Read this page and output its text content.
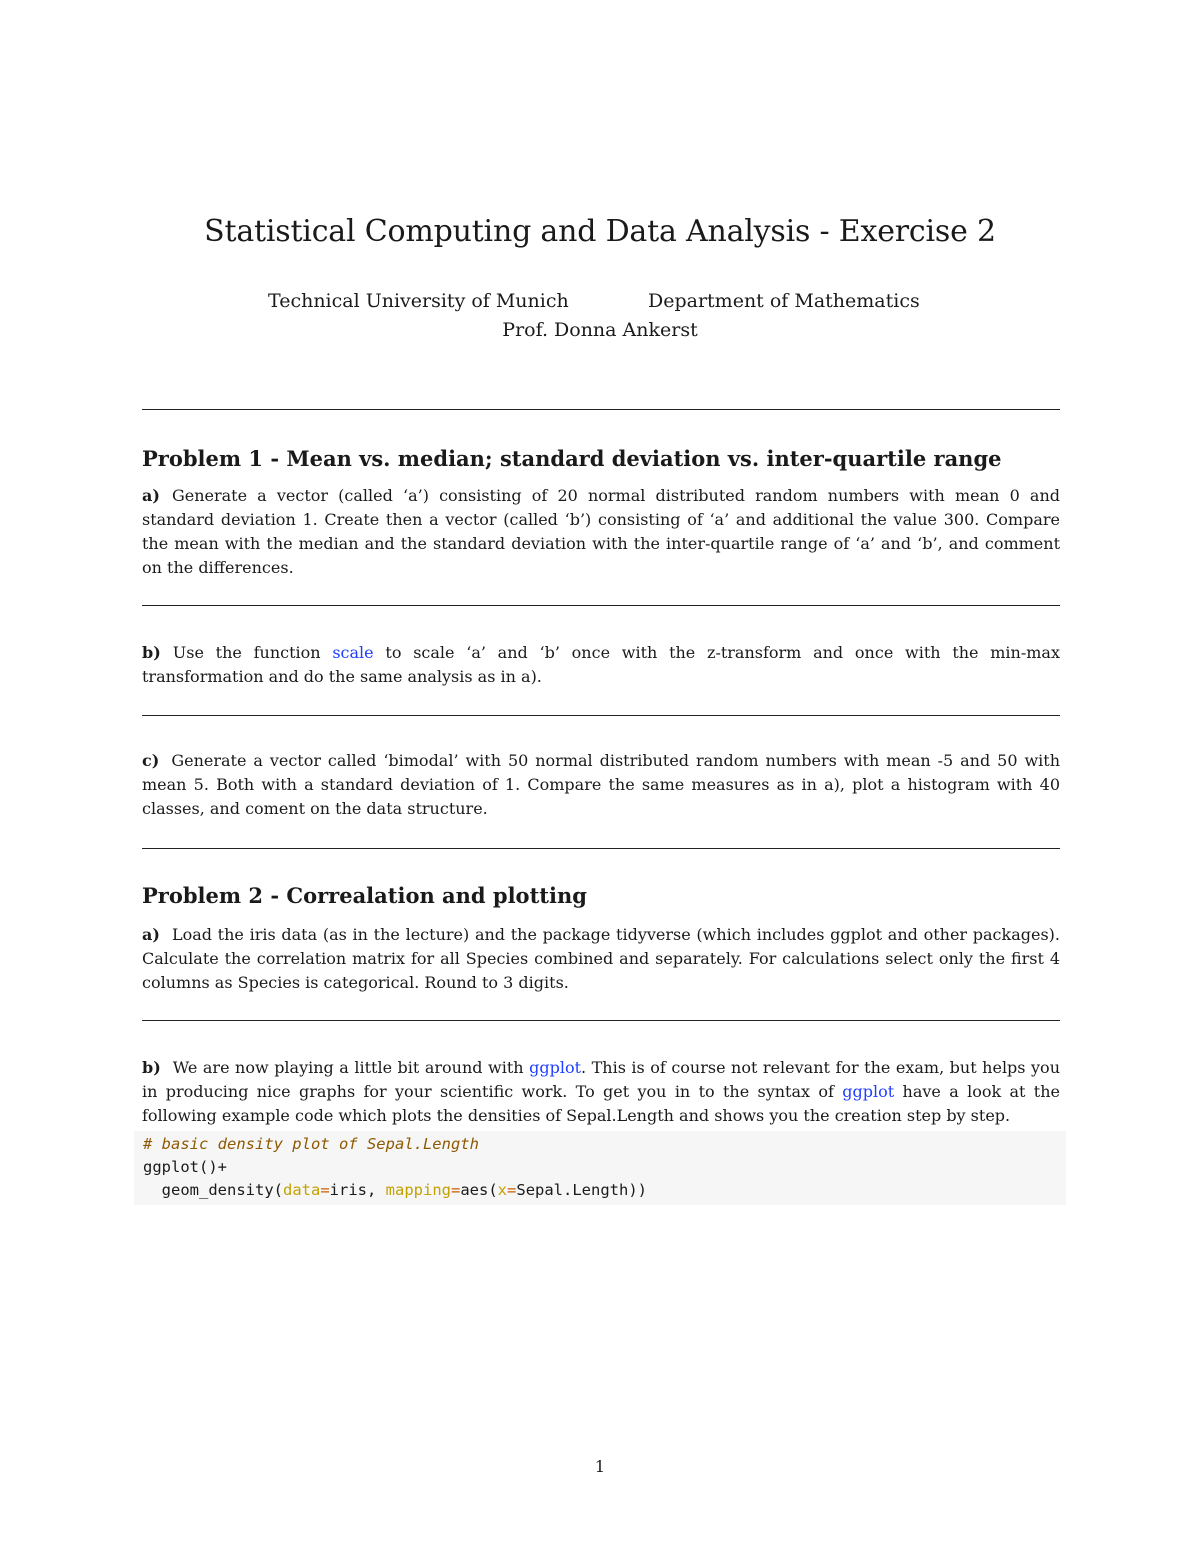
Statistical Computing and Data Analysis - Exercise 2
Technical University of Munich	Department of Mathematics
Prof. Donna Ankerst
Problem 1 - Mean vs. median; standard deviation vs. inter-quartile range

a) Generate a vector (called ‘a’) consisting of 20 normal distributed random numbers with mean 0 and standard deviation 1. Create then a vector (called ‘b’) consisting of ‘a’ and additional the value 300. Compare the mean with the median and the standard deviation with the inter-quartile range of ‘a’ and ‘b’, and comment on the differences.

b) Use the function scale to scale ‘a’ and ‘b’ once with the z-transform and once with the min-max transformation and do the same analysis as in a).

c) Generate a vector called ‘bimodal’ with 50 normal distributed random numbers with mean -5 and 50 with mean 5. Both with a standard deviation of 1. Compare the same measures as in a), plot a histogram with 40 classes, and coment on the data structure.

Problem 2 - Correalation and plotting

a) Load the iris data (as in the lecture) and the package tidyverse (which includes ggplot and other packages). Calculate the correlation matrix for all Species combined and separately. For calculations select only the first 4 columns as Species is categorical. Round to 3 digits.

b) We are now playing a little bit around with ggplot. This is of course not relevant for the exam, but helps you in producing nice graphs for your scientific work. To get you in to the syntax of ggplot have a look at the following example code which plots the densities of Sepal.Length and shows you the creation step by step.

# basic density plot of Sepal.Length
ggplot()+
geom_density(data=iris, mapping=aes(x=Sepal.Length))
1
